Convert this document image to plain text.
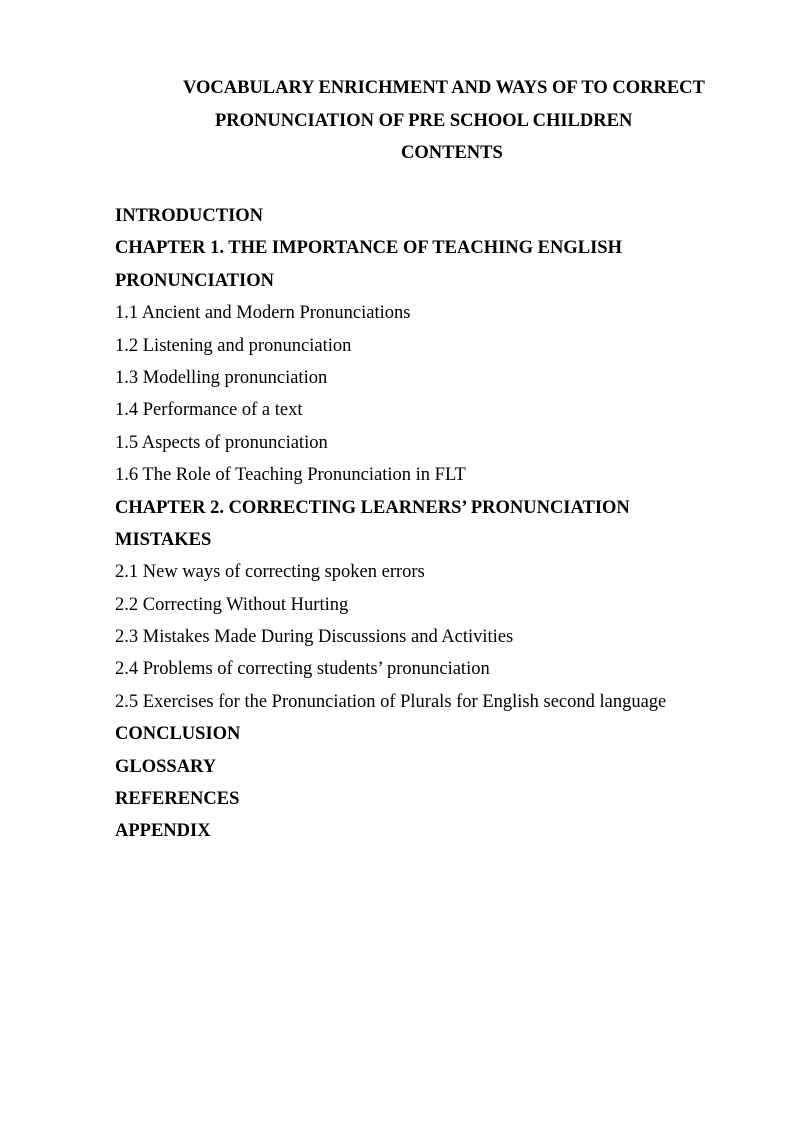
VOCABULARY ENRICHMENT AND WAYS OF TO CORRECT
PRONUNCIATION OF PRE SCHOOL CHILDREN
CONTENTS
INTRODUCTION
CHAPTER 1. THE IMPORTANCE OF TEACHING ENGLISH
PRONUNCIATION
1.1 Ancient and Modern Pronunciations
1.2 Listening and pronunciation
1.3 Modelling pronunciation
1.4 Performance of a text
1.5 Aspects of pronunciation
1.6 The Role of Teaching Pronunciation in FLT
CHAPTER 2. CORRECTING LEARNERS’ PRONUNCIATION
MISTAKES
2.1 New ways of correcting spoken errors
2.2 Correcting Without Hurting
2.3 Mistakes Made During Discussions and Activities
2.4 Problems of correcting students’ pronunciation
2.5 Exercises for the Pronunciation of Plurals for English second language
CONCLUSION
GLOSSARY
REFERENCES
APPENDIX
